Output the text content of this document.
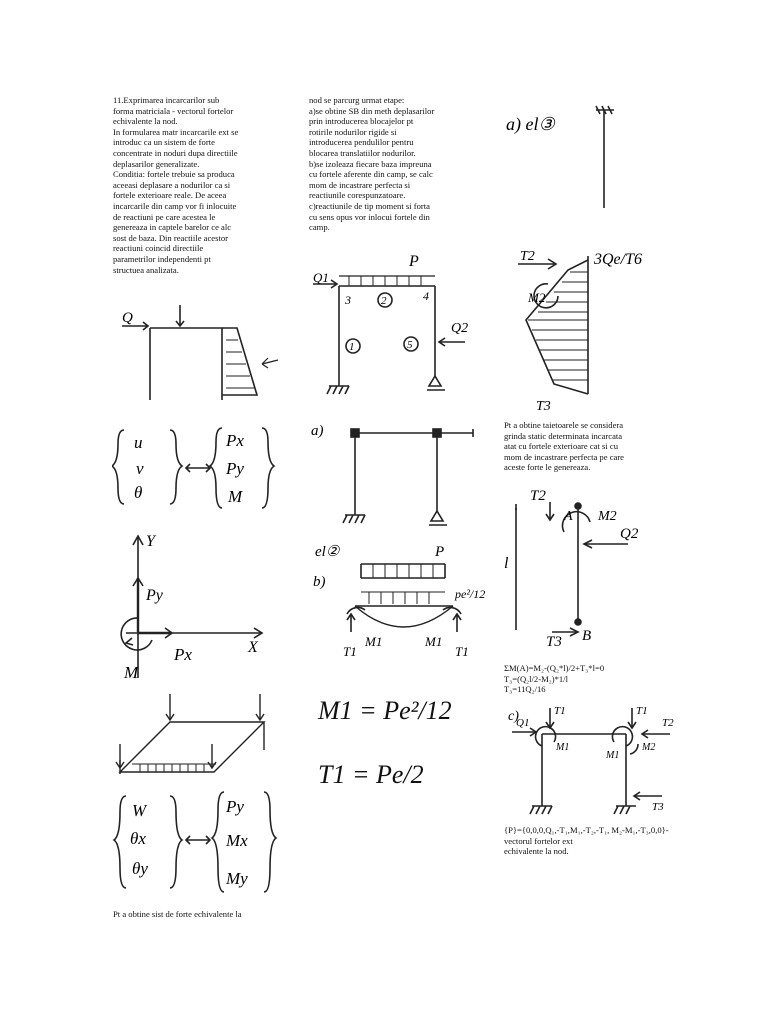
11.Exprimarea incarcarilor sub
forma matriciala - vectorul fortelor
echivalente la nod.
In formularea matr incarcarile ext se
introduc ca un sistem de forte
concentrate in noduri dupa directiile
deplasarilor generalizate.
Conditia: fortele trebuie sa produca
aceeasi deplasare a nodurilor ca si
fortele exterioare reale. De aceea
incarcarile din camp vor fi inlocuite
de reactiuni pe care acestea le
genereaza in captele barelor ce alc
sost de baza. Din reactiile acestor
reactiuni coincid directiile
parametrilor independenti pt
structuea analizata.
Q
u
v
θ
Px
Py
M
Y
X
Py
Px
M
W
θx
θy
Py
Mx
My
Pt a obtine sist de forte echivalente la
nod se parcurg urmat etape:
a)se obtine SB din meth deplasarilor
prin introducerea blocajelor pt
rotirile nodurilor rigide si
introducerea pendulilor pentru
blocarea translatiilor nodurilor.
b)se izoleaza fiecare baza impreuna
cu fortele aferente din camp, se calc
mom de incastrare perfecta si
reactiunile corespunzatoare.
c)reactiunile de tip moment si forta
cu sens opus vor inlocui fortele din
camp.
Q1
P
Q2
3	2	4
1	5
a)
el②
b)
P
pe²/12
T1
M1	M1
T1
M1 = Pe²/12
T1 = Pe/2
a) el③
T2	3Qe/T6
M2
T3
Pt a obtine taietoarele se considera
grinda static determinata incarcata
atat cu fortele exterioare cat si cu
mom de incastrare perfecta pe care
aceste forte le genereaza.
T2
A M2
Q2
l
T3 B
ΣM(A)=M₂-(Q₂*l)/2+T₃*l=0
T₃=(Q₂l/2-M₂)*1/l
T₃=11Q₂/16
c)
Q1
T1	T1
T2
M1
M1
M2
T3
{P}={0,0,0,Q₁,-T₁,M₁,-T₂,-T₁, M₂-M₁,-T₃,0,0}-vectorul fortelor ext
echivalente la nod.
